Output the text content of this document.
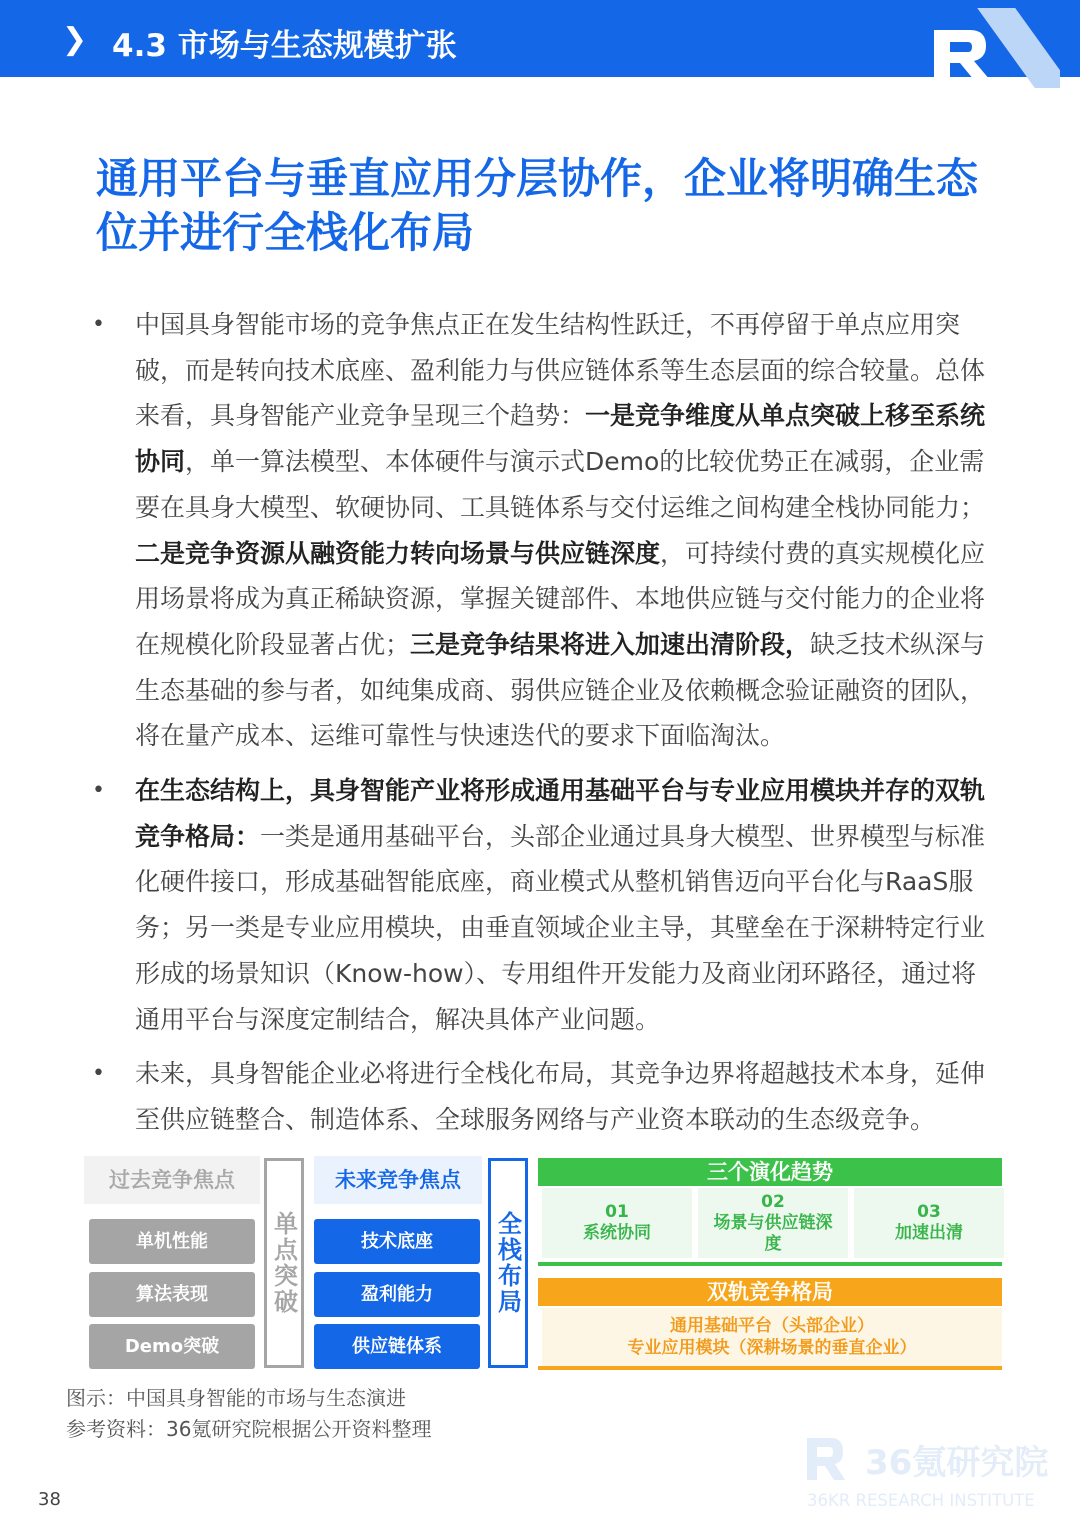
❯ 4.3 市场与生态规模扩张
通用平台与垂直应用分层协作，企业将明确生态位并进行全栈化布局
• 中国具身智能市场的竞争焦点正在发生结构性跃迁，不再停留于单点应用突破，而是转向技术底座、盈利能力与供应链体系等生态层面的综合较量。总体来看，具身智能产业竞争呈现三个趋势：一是竞争维度从单点突破上移至系统协同，单一算法模型、本体硬件与演示式Demo的比较优势正在减弱，企业需要在具身大模型、软硬协同、工具链体系与交付运维之间构建全栈协同能力；二是竞争资源从融资能力转向场景与供应链深度，可持续付费的真实规模化应用场景将成为真正稀缺资源，掌握关键部件、本地供应链与交付能力的企业将在规模化阶段显著占优；三是竞争结果将进入加速出清阶段，缺乏技术纵深与生态基础的参与者，如纯集成商、弱供应链企业及依赖概念验证融资的团队，将在量产成本、运维可靠性与快速迭代的要求下面临淘汰。
• 在生态结构上，具身智能产业将形成通用基础平台与专业应用模块并存的双轨竞争格局：一类是通用基础平台，头部企业通过具身大模型、世界模型与标准化硬件接口，形成基础智能底座，商业模式从整机销售迈向平台化与RaaS服务；另一类是专业应用模块，由垂直领域企业主导，其壁垒在于深耕特定行业形成的场景知识（Know-how）、专用组件开发能力及商业闭环路径，通过将通用平台与深度定制结合，解决具体产业问题。
• 未来，具身智能企业必将进行全栈化布局，其竞争边界将超越技术本身，延伸至供应链整合、制造体系、全球服务网络与产业资本联动的生态级竞争。
过去竞争焦点
单机性能
算法表现
Demo突破
单点突破
未来竞争焦点
技术底座
盈利能力
供应链体系
全栈布局
三个演化趋势
01
系统协同
02
场景与供应链深度
03
加速出清
双轨竞争格局
通用基础平台（头部企业）
专业应用模块（深耕场景的垂直企业）
图示：中国具身智能的市场与生态演进
参考资料：36氪研究院根据公开资料整理
36氪研究院
36KR RESEARCH INSTITUTE
38
